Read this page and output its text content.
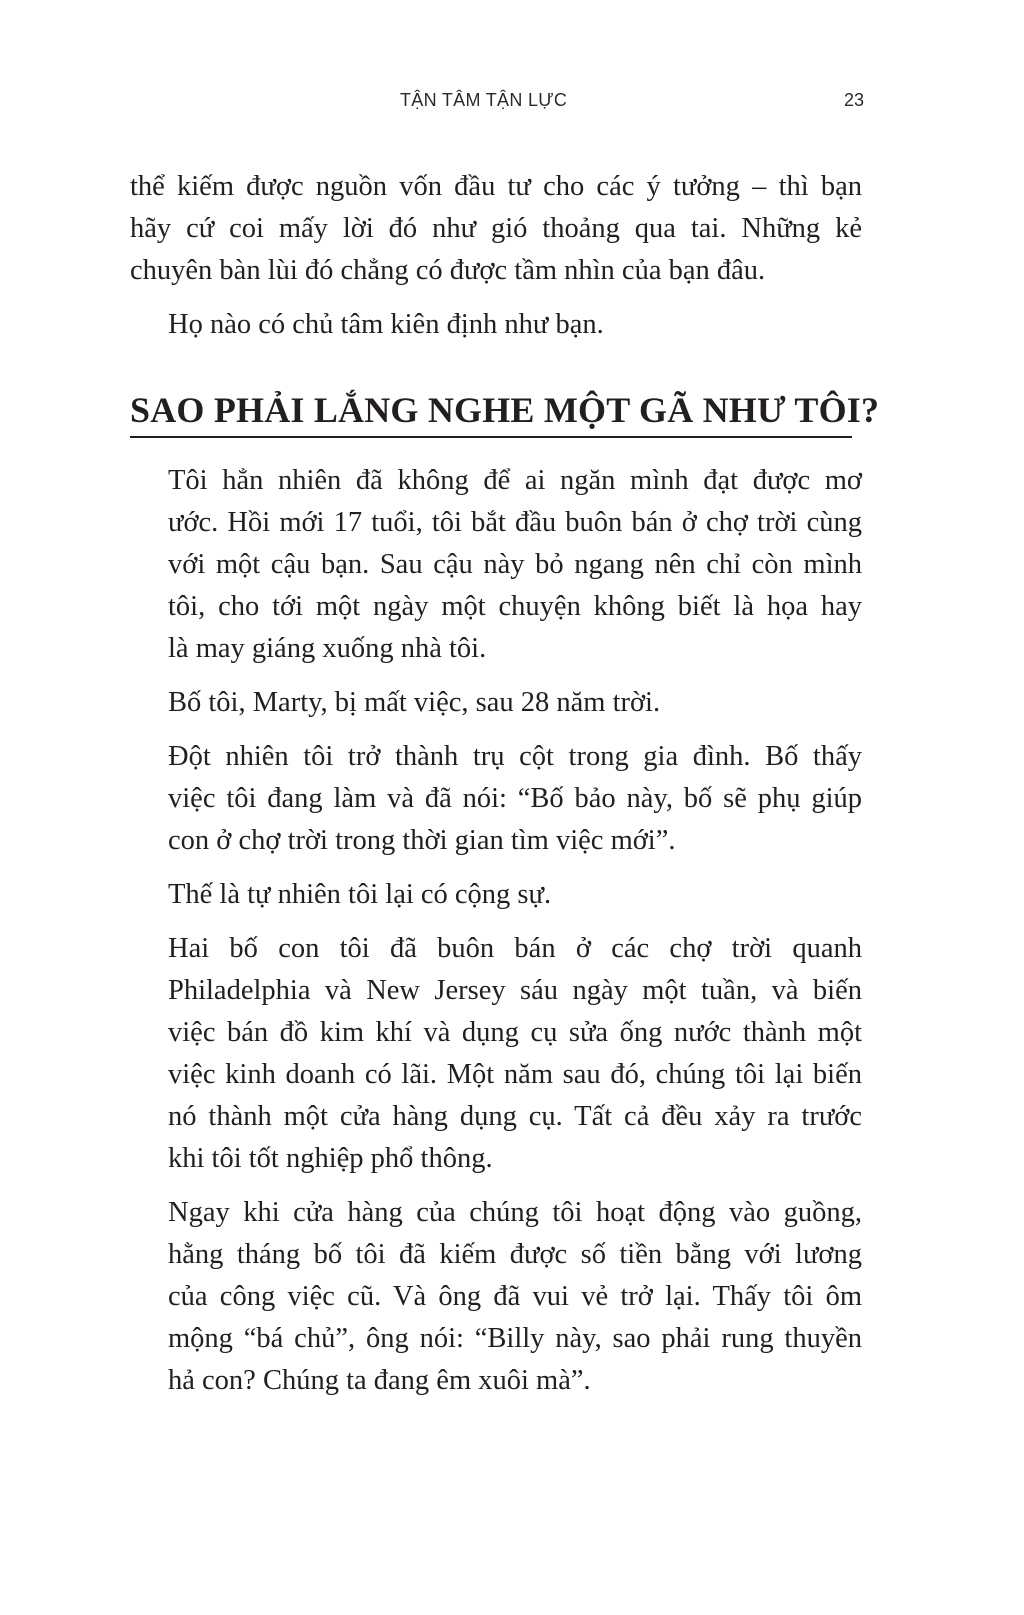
TẬN TÂM TẬN LỰC	23

thể kiếm được nguồn vốn đầu tư cho các ý tưởng – thì bạn
hãy cứ coi mấy lời đó như gió thoảng qua tai. Những kẻ
chuyên bàn lùi đó chẳng có được tầm nhìn của bạn đâu.

Họ nào có chủ tâm kiên định như bạn.

SAO PHẢI LẮNG NGHE MỘT GÃ NHƯ TÔI?

Tôi hẳn nhiên đã không để ai ngăn mình đạt được mơ
ước. Hồi mới 17 tuổi, tôi bắt đầu buôn bán ở chợ trời cùng
với một cậu bạn. Sau cậu này bỏ ngang nên chỉ còn mình
tôi, cho tới một ngày một chuyện không biết là họa hay
là may giáng xuống nhà tôi.

Bố tôi, Marty, bị mất việc, sau 28 năm trời.

Đột nhiên tôi trở thành trụ cột trong gia đình. Bố thấy
việc tôi đang làm và đã nói: “Bố bảo này, bố sẽ phụ giúp
con ở chợ trời trong thời gian tìm việc mới”.

Thế là tự nhiên tôi lại có cộng sự.

Hai bố con tôi đã buôn bán ở các chợ trời quanh
Philadelphia và New Jersey sáu ngày một tuần, và biến
việc bán đồ kim khí và dụng cụ sửa ống nước thành một
việc kinh doanh có lãi. Một năm sau đó, chúng tôi lại biến
nó thành một cửa hàng dụng cụ. Tất cả đều xảy ra trước
khi tôi tốt nghiệp phổ thông.

Ngay khi cửa hàng của chúng tôi hoạt động vào guồng,
hằng tháng bố tôi đã kiếm được số tiền bằng với lương
của công việc cũ. Và ông đã vui vẻ trở lại. Thấy tôi ôm
mộng “bá chủ”, ông nói: “Billy này, sao phải rung thuyền
hả con? Chúng ta đang êm xuôi mà”.
